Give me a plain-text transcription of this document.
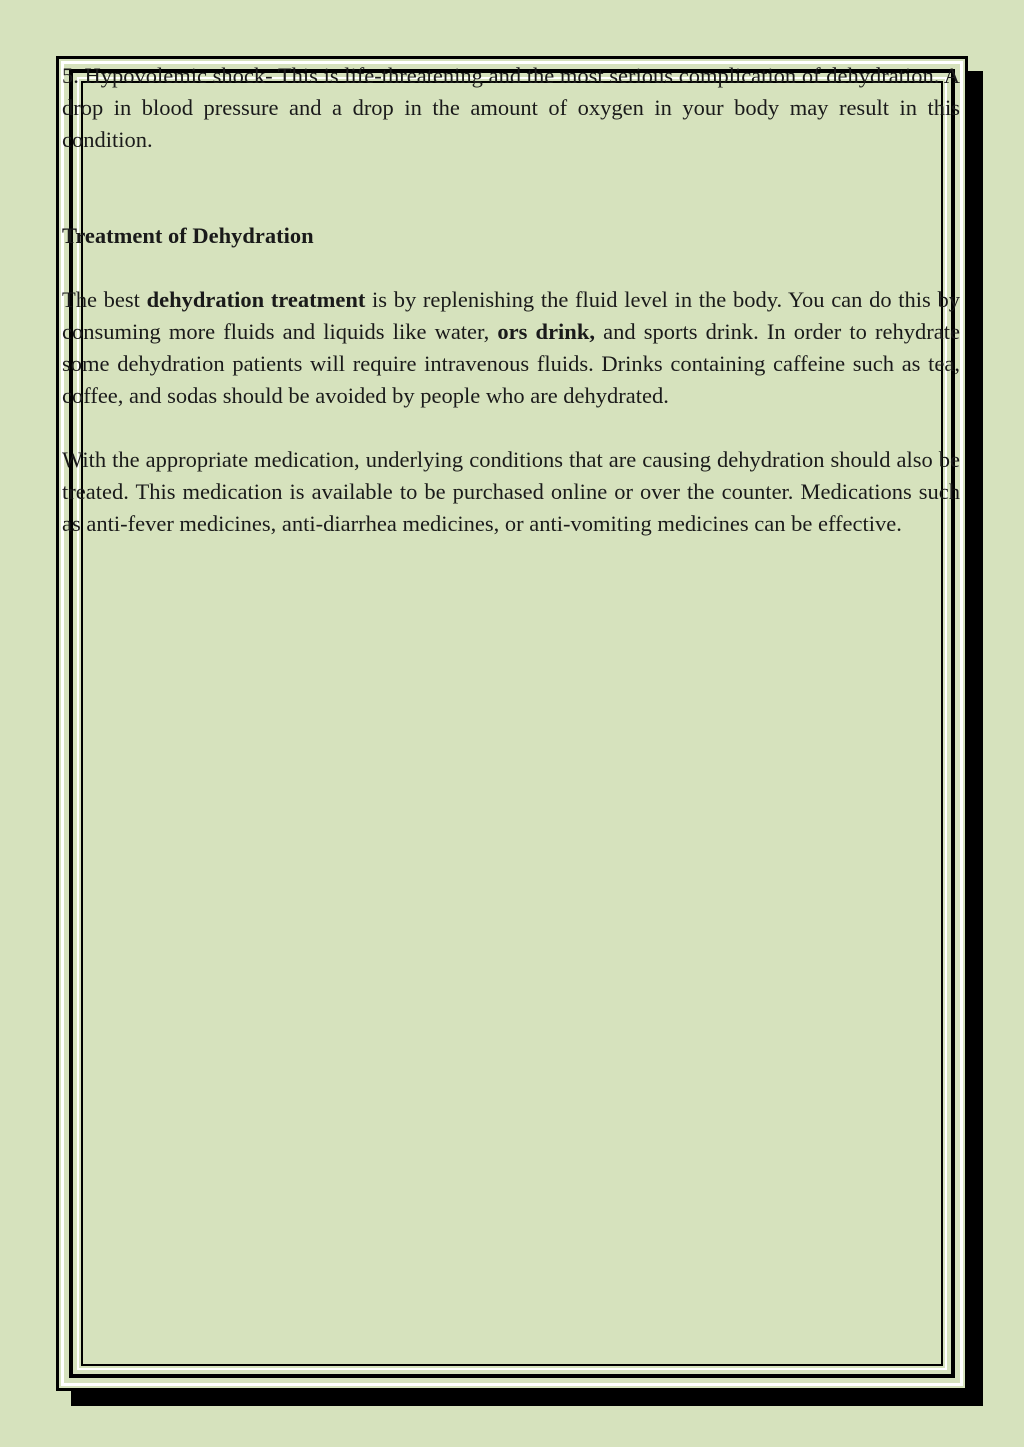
5. Hypovolemic shock- This is life-threatening and the most serious complication of dehydration. A drop in blood pressure and a drop in the amount of oxygen in your body may result in this condition.

Treatment of Dehydration

The best dehydration treatment is by replenishing the fluid level in the body. You can do this by consuming more fluids and liquids like water, ors drink, and sports drink. In order to rehydrate some dehydration patients will require intravenous fluids. Drinks containing caffeine such as tea, coffee, and sodas should be avoided by people who are dehydrated.

With the appropriate medication, underlying conditions that are causing dehydration should also be treated. This medication is available to be purchased online or over the counter. Medications such as anti-fever medicines, anti-diarrhea medicines, or anti-vomiting medicines can be effective.
